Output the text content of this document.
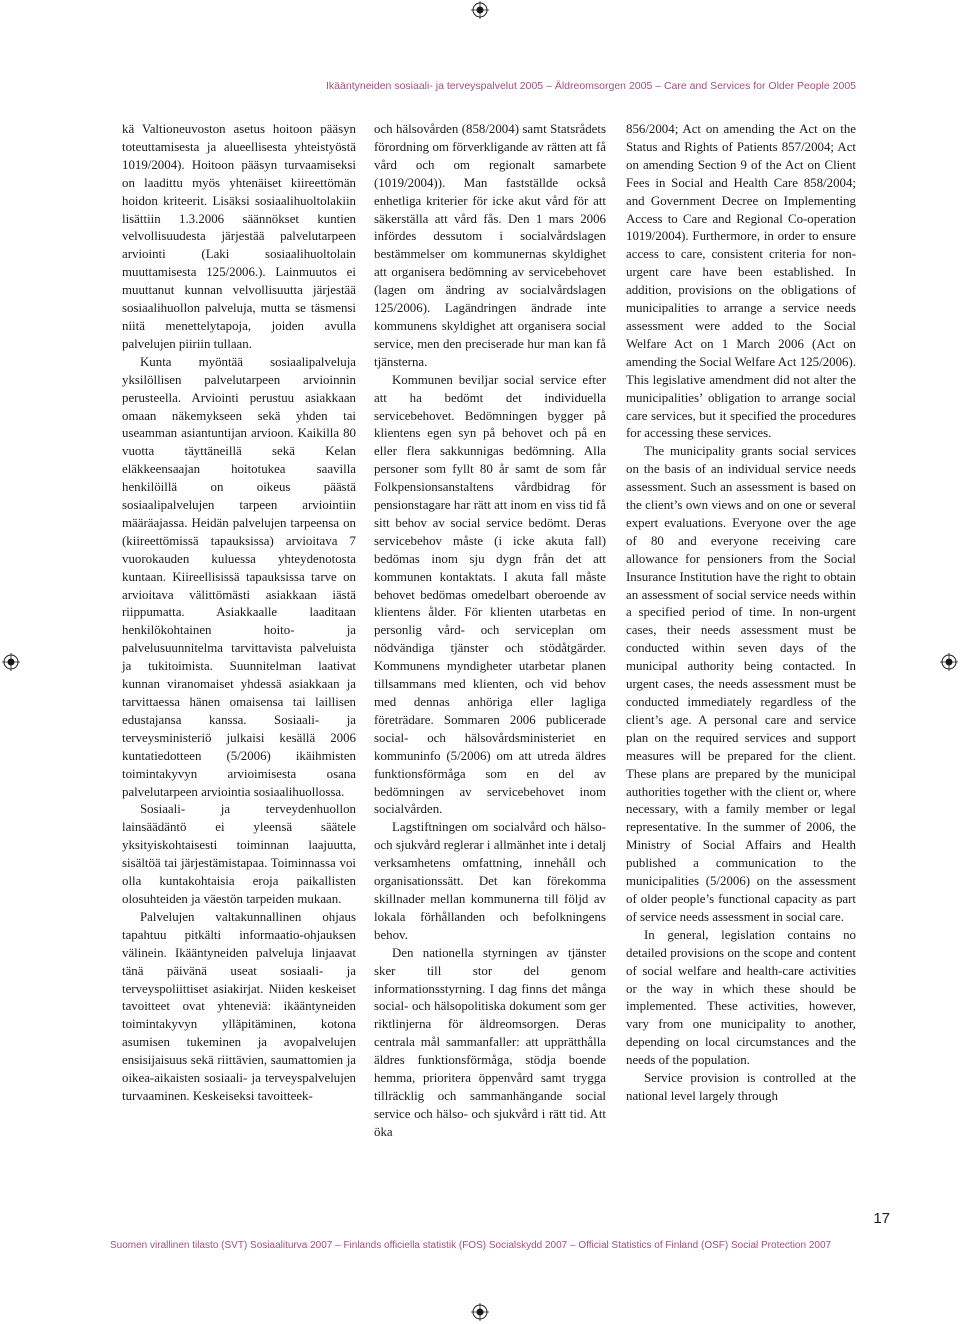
Ikääntyneiden sosiaali- ja terveyspalvelut 2005 – Äldreomsorgen 2005 – Care and Services for Older People 2005

kä Valtioneuvoston asetus hoitoon pääsyn toteuttamisesta ja alueellisesta yhteistyöstä 1019/2004). Hoitoon pääsyn turvaamiseksi on laadittu myös yhtenäiset kiireettömän hoidon kriteerit. Lisäksi sosiaalihuoltolakiin lisättiin 1.3.2006 säännökset kuntien velvollisuudesta järjestää palvelutarpeen arviointi (Laki sosiaalihuoltolain muuttamisesta 125/2006.). Lainmuutos ei muuttanut kunnan velvollisuutta järjestää sosiaalihuollon palveluja, mutta se täsmensi niitä menettelytapoja, joiden avulla palvelujen piiriin tullaan.

Kunta myöntää sosiaalipalveluja yksilöllisen palvelutarpeen arvioinnin perusteella. Arviointi perustuu asiakkaan omaan näkemykseen sekä yhden tai useamman asiantuntijan arvioon. Kaikilla 80 vuotta täyttäneillä sekä Kelan eläkkeensaajan hoitotukea saavilla henkilöillä on oikeus päästä sosiaalipalvelujen tarpeen arviointiin määräajassa. Heidän palvelujen tarpeensa on (kiireettömissä tapauksissa) arvioitava 7 vuorokauden kuluessa yhteydenotosta kuntaan. Kiireellisissä tapauksissa tarve on arvioitava välittömästi asiakkaan iästä riippumatta. Asiakkaalle laaditaan henkilökohtainen hoito- ja palvelusuunnitelma tarvittavista palveluista ja tukitoimista. Suunnitelman laativat kunnan viranomaiset yhdessä asiakkaan ja tarvittaessa hänen omaisensa tai laillisen edustajansa kanssa. Sosiaali- ja terveysministeriö julkaisi kesällä 2006 kuntatiedotteen (5/2006) ikäihmisten toimintakyvyn arvioimisesta osana palvelutarpeen arviointia sosiaalihuollossa.

Sosiaali- ja terveydenhuollon lainsäädäntö ei yleensä säätele yksityiskohtaisesti toiminnan laajuutta, sisältöä tai järjestämistapaa. Toiminnassa voi olla kuntakohtaisia eroja paikallisten olosuhteiden ja väestön tarpeiden mukaan.

Palvelujen valtakunnallinen ohjaus tapahtuu pitkälti informaatio-ohjauksen välinein. Ikääntyneiden palveluja linjaavat tänä päivänä useat sosiaali- ja terveyspoliittiset asiakirjat. Niiden keskeiset tavoitteet ovat yhteneviä: ikääntyneiden toimintakyvyn ylläpitäminen, kotona asumisen tukeminen ja avopalvelujen ensisijaisuus sekä riittävien, saumattomien ja oikea-aikaisten sosiaali- ja terveyspalvelujen turvaaminen. Keskeiseksi tavoitteek-

och hälsovården (858/2004) samt Statsrådets förordning om förverkligande av rätten att få vård och om regionalt samarbete (1019/2004)). Man fastställde också enhetliga kriterier för icke akut vård för att säkerställa att vård fås. Den 1 mars 2006 infördes dessutom i socialvårdslagen bestämmelser om kommunernas skyldighet att organisera bedömning av servicebehovet (lagen om ändring av socialvårdslagen 125/2006). Lagändringen ändrade inte kommunens skyldighet att organisera social service, men den preciserade hur man kan få tjänsterna.

Kommunen beviljar social service efter att ha bedömt det individuella servicebehovet. Bedömningen bygger på klientens egen syn på behovet och på en eller flera sakkunnigas bedömning. Alla personer som fyllt 80 år samt de som får Folkpensionsanstaltens vårdbidrag för pensionstagare har rätt att inom en viss tid få sitt behov av social service bedömt. Deras servicebehov måste (i icke akuta fall) bedömas inom sju dygn från det att kommunen kontaktats. I akuta fall måste behovet bedömas omedelbart oberoende av klientens ålder. För klienten utarbetas en personlig vård- och serviceplan om nödvändiga tjänster och stödåtgärder. Kommunens myndigheter utarbetar planen tillsammans med klienten, och vid behov med dennas anhöriga eller lagliga företrädare. Sommaren 2006 publicerade social- och hälsovårdsministeriet en kommuninfo (5/2006) om att utreda äldres funktionsförmåga som en del av bedömningen av servicebehovet inom socialvården.

Lagstiftningen om socialvård och hälso- och sjukvård reglerar i allmänhet inte i detalj verksamhetens omfattning, innehåll och organisationssätt. Det kan förekomma skillnader mellan kommunerna till följd av lokala förhållanden och befolkningens behov.

Den nationella styrningen av tjänster sker till stor del genom informationsstyrning. I dag finns det många social- och hälsopolitiska dokument som ger riktlinjerna för äldreomsorgen. Deras centrala mål sammanfaller: att upprätthålla äldres funktionsförmåga, stödja boende hemma, prioritera öppenvård samt trygga tillräcklig och sammanhängande social service och hälso- och sjukvård i rätt tid. Att öka

856/2004; Act on amending the Act on the Status and Rights of Patients 857/2004; Act on amending Section 9 of the Act on Client Fees in Social and Health Care 858/2004; and Government Decree on Implementing Access to Care and Regional Co-operation 1019/2004). Furthermore, in order to ensure access to care, consistent criteria for non-urgent care have been established. In addition, provisions on the obligations of municipalities to arrange a service needs assessment were added to the Social Welfare Act on 1 March 2006 (Act on amending the Social Welfare Act 125/2006). This legislative amendment did not alter the municipalities’ obligation to arrange social care services, but it specified the procedures for accessing these services.

The municipality grants social services on the basis of an individual service needs assessment. Such an assessment is based on the client’s own views and on one or several expert evaluations. Everyone over the age of 80 and everyone receiving care allowance for pensioners from the Social Insurance Institution have the right to obtain an assessment of social service needs within a specified period of time. In non-urgent cases, their needs assessment must be conducted within seven days of the municipal authority being contacted. In urgent cases, the needs assessment must be conducted immediately regardless of the client’s age. A personal care and service plan on the required services and support measures will be prepared for the client. These plans are prepared by the municipal authorities together with the client or, where necessary, with a family member or legal representative. In the summer of 2006, the Ministry of Social Affairs and Health published a communication to the municipalities (5/2006) on the assessment of older people’s functional capacity as part of service needs assessment in social care.

In general, legislation contains no detailed provisions on the scope and content of social welfare and health-care activities or the way in which these should be implemented. These activities, however, vary from one municipality to another, depending on local circumstances and the needs of the population.

Service provision is controlled at the national level largely through

17
Suomen virallinen tilasto (SVT) Sosiaaliturva 2007 – Finlands officiella statistik (FOS) Socialskydd 2007 – Official Statistics of Finland (OSF) Social Protection 2007
